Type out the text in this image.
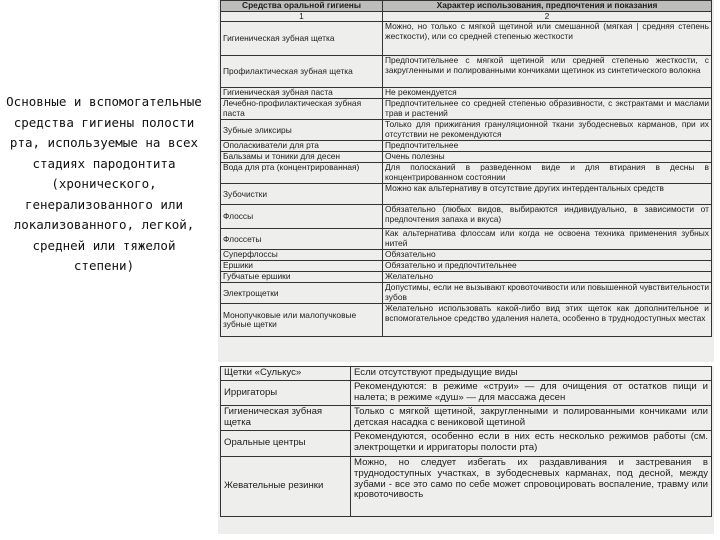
Основные и вспомогательные средства гигиены полости рта, используемые на всех стадиях пародонтита (хронического, генерализованного или локализованного, легкой, средней или тяжелой степени)
Средства оральной гигиены	Характер использования, предпочтения и показания
1	2
Гигиеническая зубная щетка	Можно, но только с мягкой щетиной или смешанной (мягкая | средняя степень жесткости), или со средней степенью жесткости
Профилактическая зубная щетка	Предпочтительнее с мягкой щетиной или средней степенью жесткости, с закругленными и полированными кончиками щетинок из синтетического волокна
Гигиеническая зубная паста	Не рекомендуется
Лечебно-профилактическая зубная паста	Предпочтительнее со средней степенью образивности, с экстрактами и маслами трав и растений
Зубные эликсиры	Только для прижигания грануляционной ткани зубодесневых карманов, при их отсутствии не рекомендуются
Ополаскиватели для рта	Предпочтительнее
Бальзамы и тоники для десен	Очень полезны
Вода для рта (концентрированная)	Для полосканий в разведенном виде и для втирания в десны в концентрированном состоянии
Зубочистки	Можно как альтернативу в отсутствие других интердентальных средств
Флоссы	Обязательно (любых видов, выбираются индивидуально, в зависимости от предпочтения запаха и вкуса)
Флоссеты	Как альтернатива флоссам или когда не освоена техника применения зубных нитей
Суперфлоссы	Обязательно
Ершики	Обязательно и предпочтительнее
Губчатые ершики	Желательно
Электрощетки	Допустимы, если не вызывают кровоточивости или повышенной чувствительности зубов
Монопучковые или малопучковые зубные щетки	Желательно использовать какой-либо вид этих щеток как дополнительное и вспомогательное средство удаления налета, особенно в труднодоступных местах
Щетки «Сулькус»	Если отсутствуют предыдущие виды
Ирригаторы	Рекомендуются: в режиме «струи» — для очищения от остатков пищи и налета; в режиме «душ» — для массажа десен
Гигиеническая зубная щетка	Только с мягкой щетиной, закругленными и полированными кончиками или детская насадка с вениковой щетиной
Оральные центры	Рекомендуются, особенно если в них есть несколько режимов работы (см. электрощетки и ирригаторы полости рта)
Жевательные резинки	Можно, но следует избегать их раздавливания и застревания в труднодоступных участках, в зубодесневых карманах, под десной, между зубами - все это само по себе может спровоцировать воспаление, травму или кровоточивость
